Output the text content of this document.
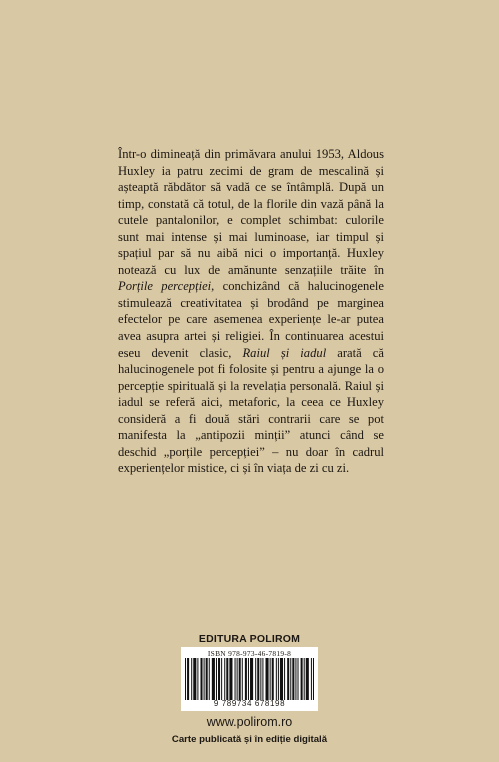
Într-o dimineață din primăvara anului 1953, Aldous Huxley ia patru zecimi de gram de mescalină și așteaptă răbdător să vadă ce se întâmplă. După un timp, constată că totul, de la florile din vază până la cutele pantalonilor, e complet schimbat: culorile sunt mai intense și mai luminoase, iar timpul și spațiul par să nu aibă nici o importanță. Huxley notează cu lux de amănunte senzațiile trăite în Porțile percepției, conchizând că halucinogenele stimulează creativitatea și brodând pe marginea efectelor pe care asemenea experiențe le-ar putea avea asupra artei și religiei. În continuarea acestui eseu devenit clasic, Raiul și iadul arată că halucinogenele pot fi folosite și pentru a ajunge la o percepție spirituală și la revelația personală. Raiul și iadul se referă aici, metaforic, la ceea ce Huxley consideră a fi două stări contrarii care se pot manifesta la „antipozii minții” atunci când se deschid „porțile percepției” – nu doar în cadrul experiențelor mistice, ci și în viața de zi cu zi.

EDITURA POLIROM
ISBN 978-973-46-7819-8
9 789734 678198
www.polirom.ro
Carte publicată și în ediție digitală
